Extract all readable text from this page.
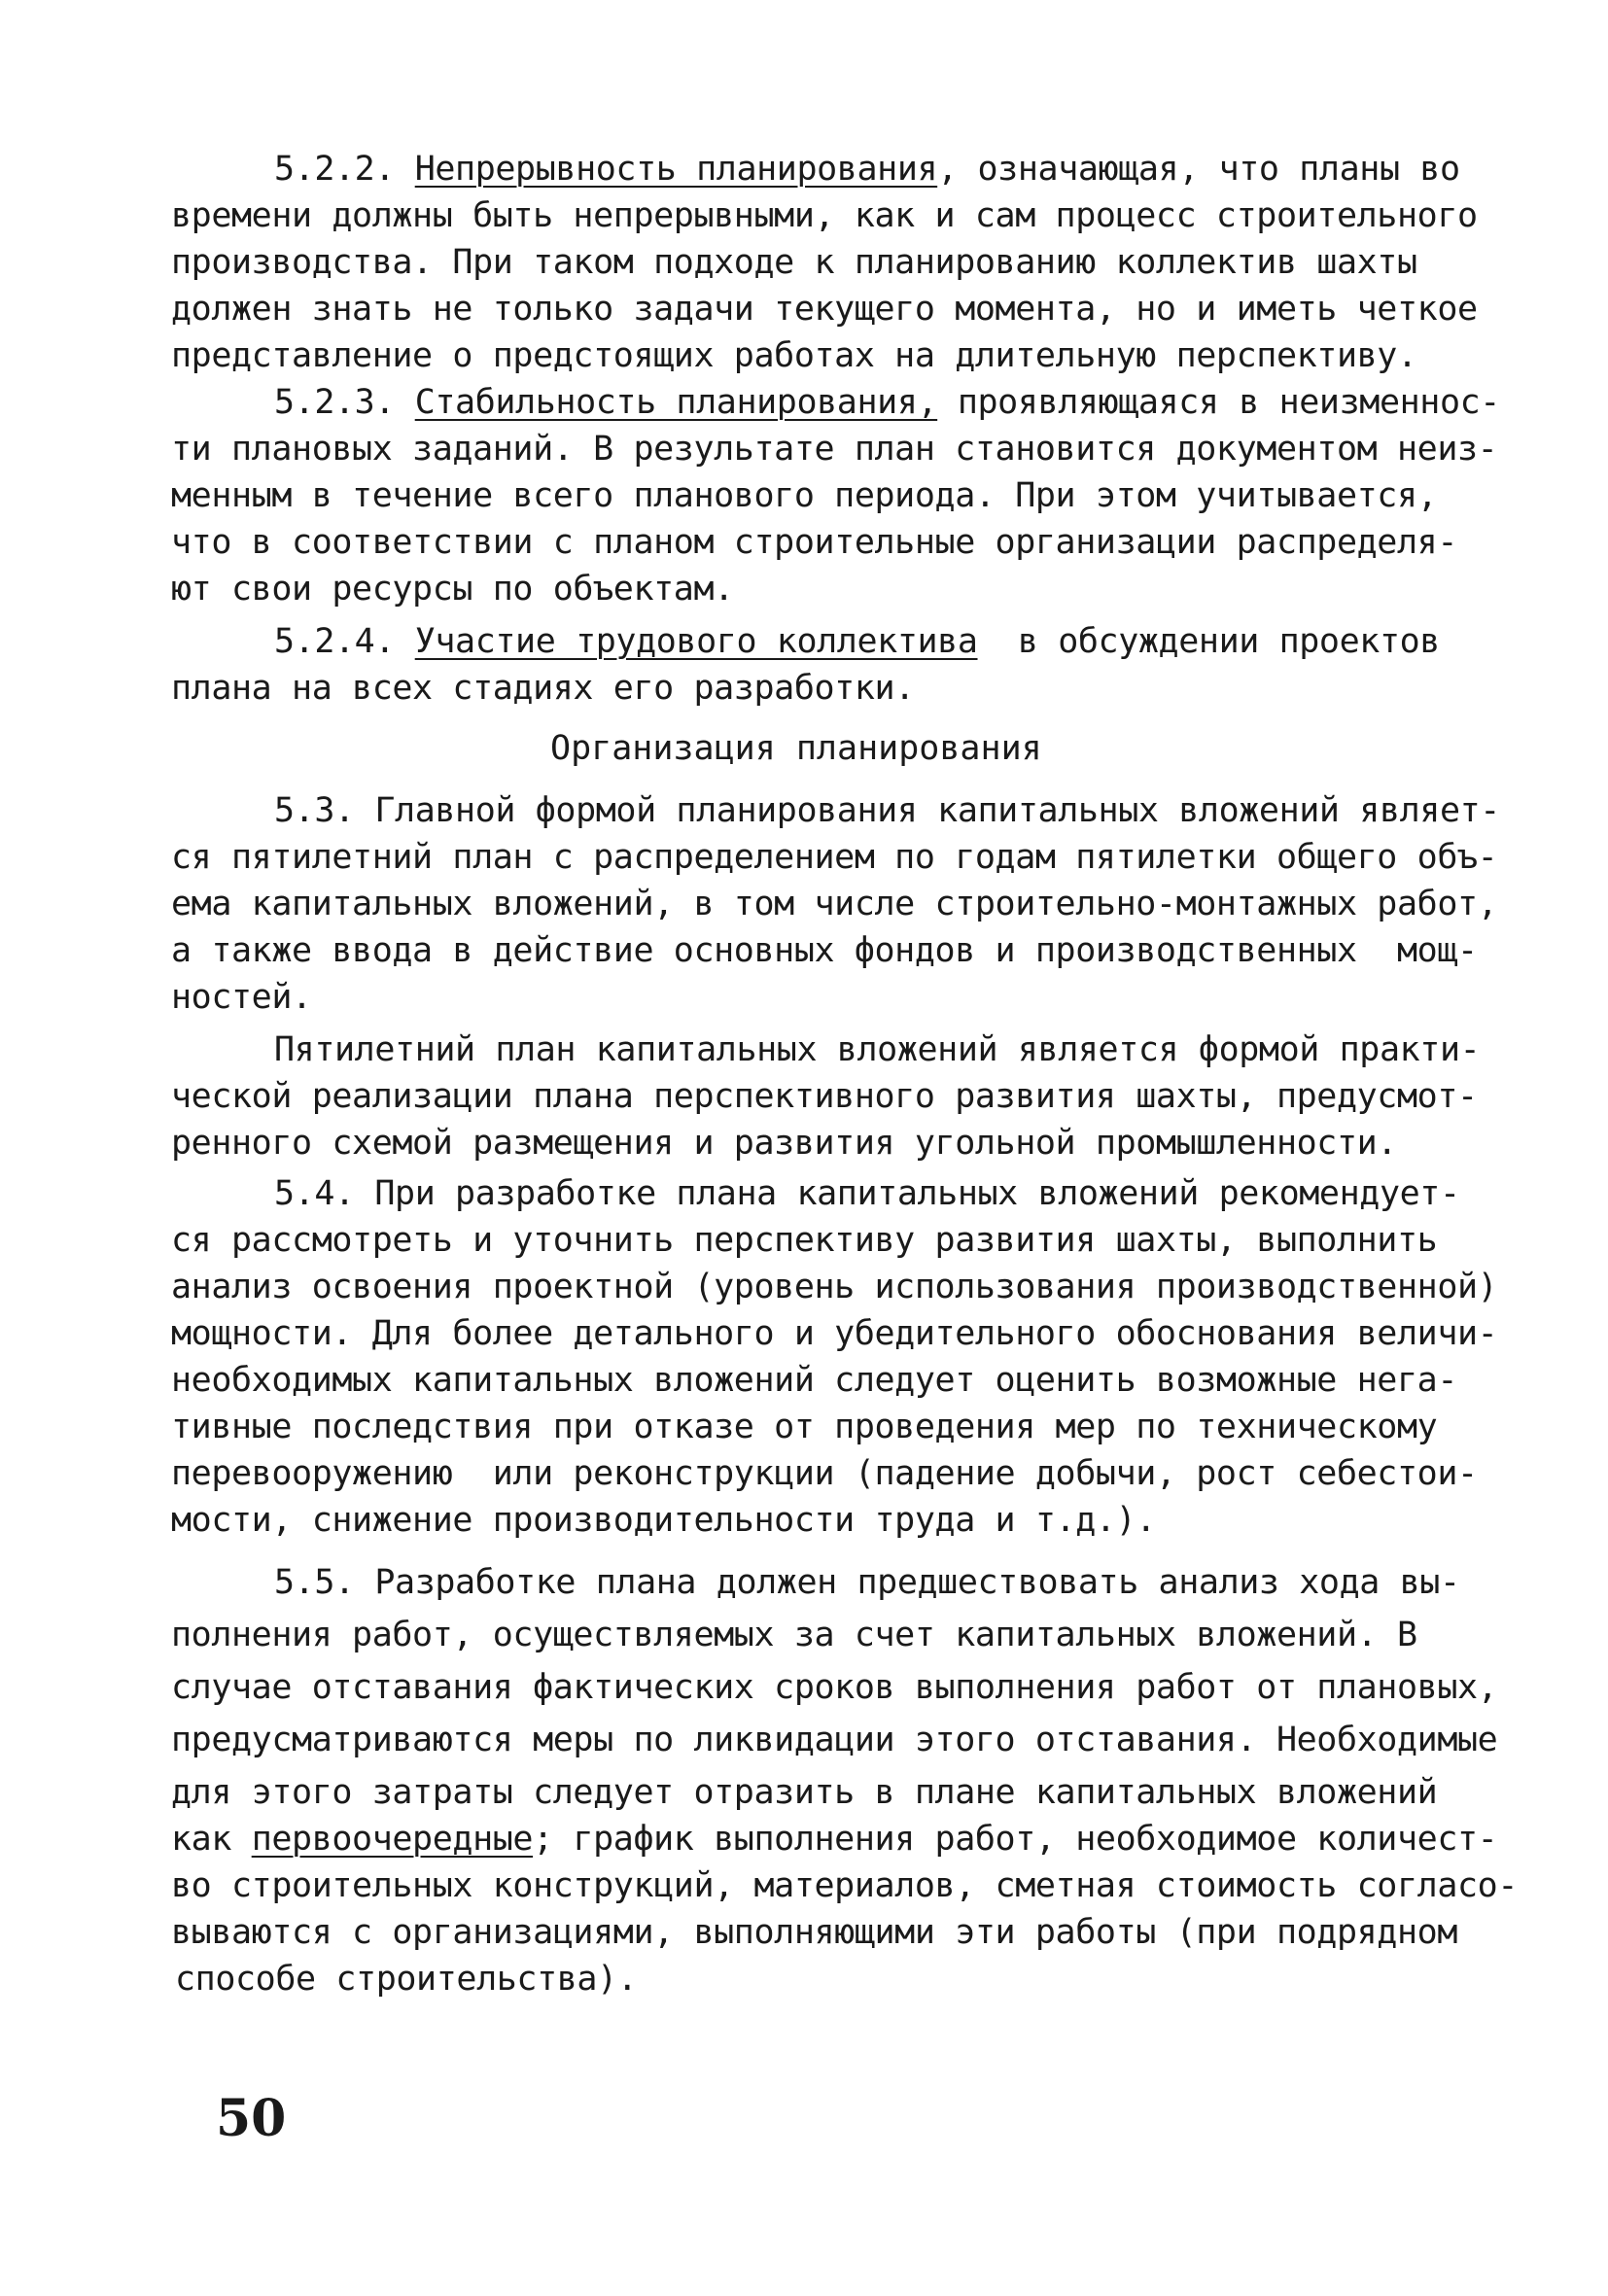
5.2.2. Непрерывность планирования, означающая, что планы во
времени должны быть непрерывными, как и сам процесс строительного
производства. При таком подходе к планированию коллектив шахты
должен знать не только задачи текущего момента, но и иметь четкое
представление о предстоящих работах на длительную перспективу.
5.2.3. Стабильность планирования, проявляющаяся в неизменнос-
ти плановых заданий. В результате план становится документом неиз-
менным в течение всего планового периода. При этом учитывается,
что в соответствии с планом строительные организации распределя-
ют свои ресурсы по объектам.
5.2.4. Участие трудового коллектива  в обсуждении проектов
плана на всех стадиях его разработки.
Организация планирования
5.3. Главной формой планирования капитальных вложений являет-
ся пятилетний план с распределением по годам пятилетки общего объ-
ема капитальных вложений, в том числе строительно-монтажных работ,
а также ввода в действие основных фондов и производственных  мощ-
ностей.
Пятилетний план капитальных вложений является формой практи-
ческой реализации плана перспективного развития шахты, предусмот-
ренного схемой размещения и развития угольной промышленности.
5.4. При разработке плана капитальных вложений рекомендует-
ся рассмотреть и уточнить перспективу развития шахты, выполнить
анализ освоения проектной (уровень использования производственной)
мощности. Для более детального и убедительного обоснования величи-
необходимых капитальных вложений следует оценить возможные нега-
тивные последствия при отказе от проведения мер по техническому
перевооружению  или реконструкции (падение добычи, рост себестои-
мости, снижение производительности труда и т.д.).
5.5. Разработке плана должен предшествовать анализ хода вы-
полнения работ, осуществляемых за счет капитальных вложений. В
случае отставания фактических сроков выполнения работ от плановых,
предусматриваются меры по ликвидации этого отставания. Необходимые
для этого затраты следует отразить в плане капитальных вложений
как первоочередные; график выполнения работ, необходимое количест-
во строительных конструкций, материалов, сметная стоимость согласо-
вываются с организациями, выполняющими эти работы (при подрядном
способе строительства).
50
